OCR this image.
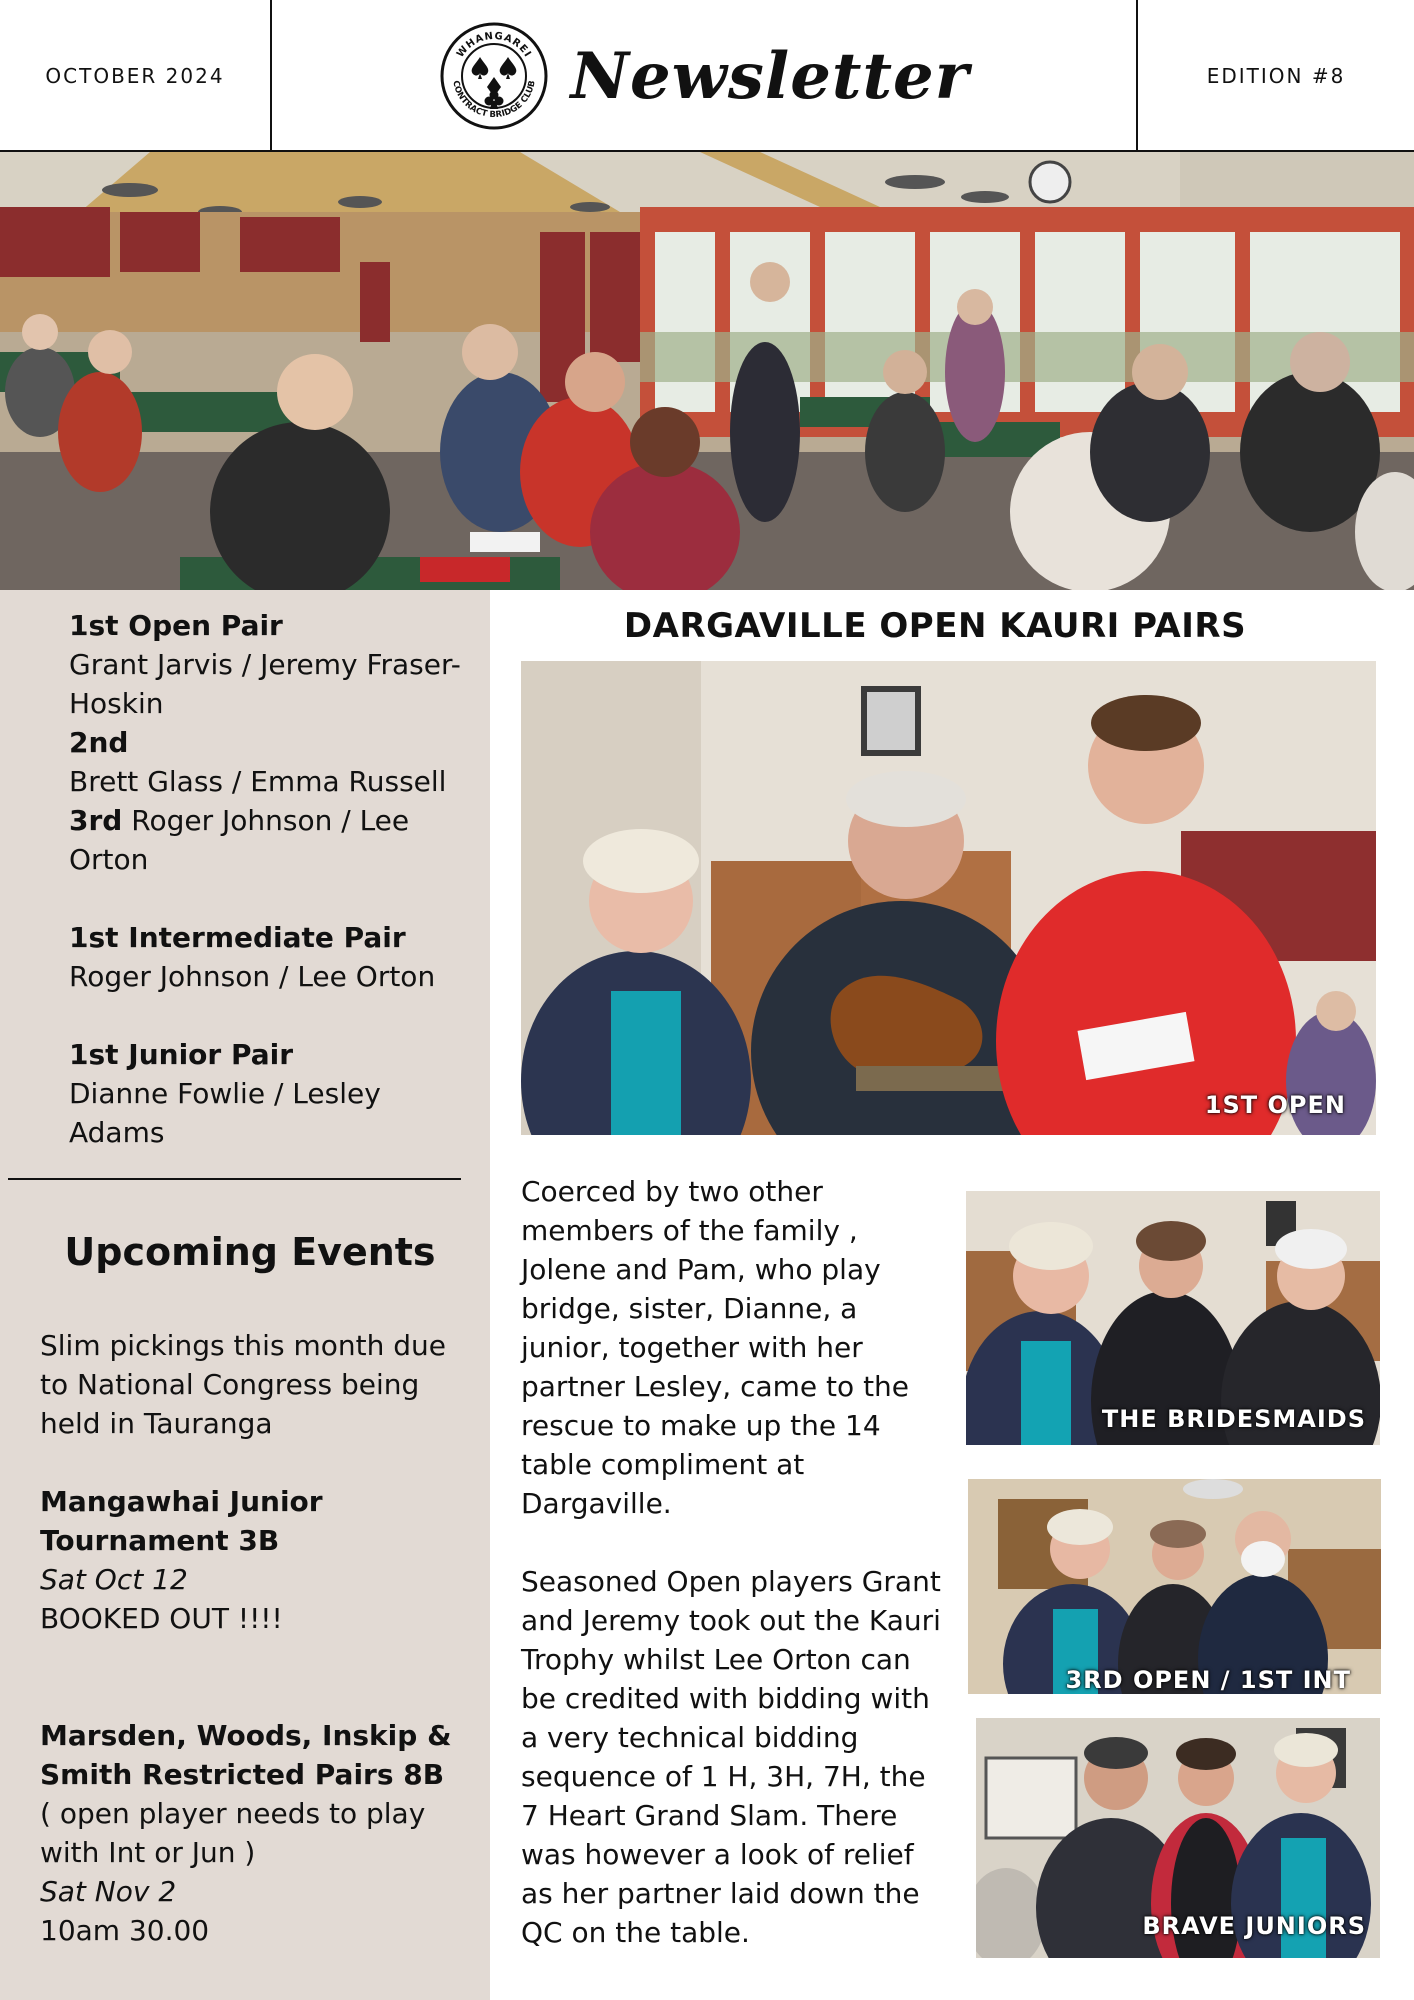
OCTOBER 2024
WHANGAREI
CONTRACT BRIDGE CLUB Newsletter	EDITION #8
1st Open Pair
Grant Jarvis / Jeremy Fraser-Hoskin
2nd
Brett Glass / Emma Russell
3rd Roger Johnson / Lee Orton
1st Intermediate Pair
Roger Johnson / Lee Orton
1st Junior Pair
Dianne Fowlie / Lesley Adams
Upcoming Events
Slim pickings this month due to National Congress being held in Tauranga
Mangawhai Junior Tournament 3B
Sat Oct 12
BOOKED OUT !!!!
Marsden, Woods, Inskip & Smith Restricted Pairs 8B
( open player needs to play with Int or Jun )
Sat Nov 2
10am 30.00
DARGAVILLE OPEN KAURI PAIRS
1ST OPEN
Coerced by two other members of the family , Jolene and Pam, who play bridge, sister, Dianne, a junior, together with her partner Lesley, came to the rescue to make up the 14 table compliment at Dargaville.
Seasoned Open players Grant and Jeremy took out the Kauri Trophy whilst Lee Orton can be credited with bidding with a very technical bidding sequence of 1 H, 3H, 7H, the 7 Heart Grand Slam. There was however a look of relief as her partner laid down the QC on the table.
THE BRIDESMAIDS
3RD OPEN / 1ST INT
BRAVE JUNIORS
